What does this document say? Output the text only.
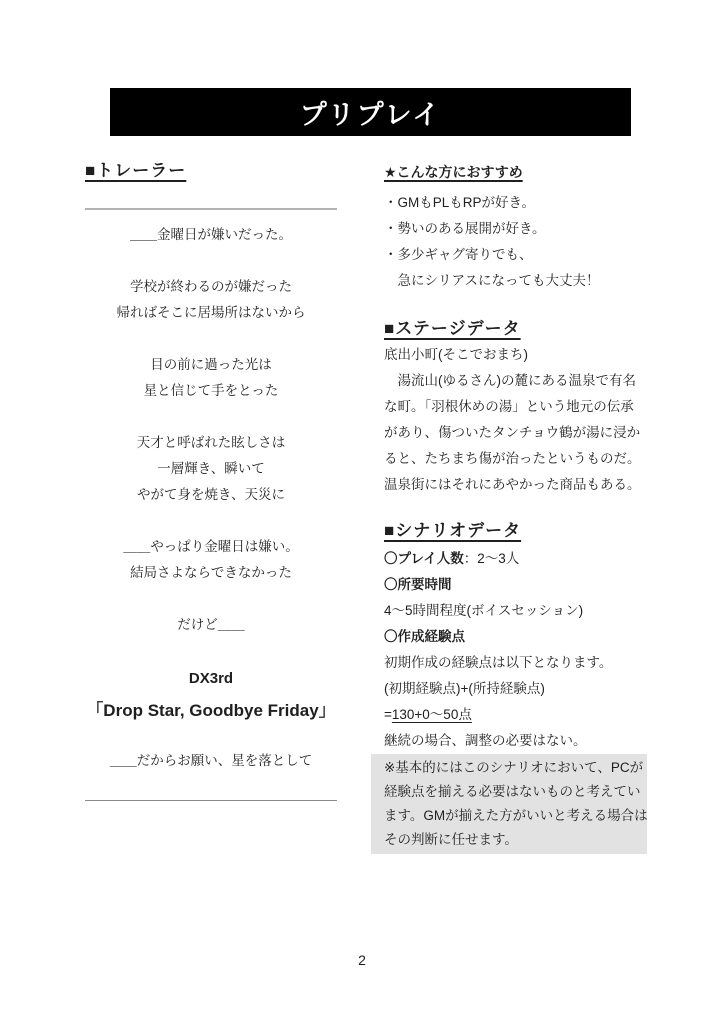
プリプレイ
■トレーラー
＿＿金曜日が嫌いだった。
学校が終わるのが嫌だった
帰ればそこに居場所はないから
目の前に過った光は
星と信じて手をとった
天才と呼ばれた眩しさは
一層輝き、瞬いて
やがて身を焼き、天災に
＿＿やっぱり金曜日は嫌い。
結局さよならできなかった
だけど＿＿
DX3rd
「Drop Star, Goodbye Friday」
＿＿だからお願い、星を落として
★こんな方におすすめ
・GMもPLもRPが好き。
・勢いのある展開が好き。
・多少ギャグ寄りでも、
　急にシリアスになっても大丈夫！
■ステージデータ
底出小町(そこでおまち)
　湯流山(ゆるさん)の麓にある温泉で有名
な町。「羽根休めの湯」という地元の伝承
があり、傷ついたタンチョウ鶴が湯に浸か
ると、たちまち傷が治ったというものだ。
温泉街にはそれにあやかった商品もある。
■シナリオデータ
〇プレイ人数：2～3人
〇所要時間
4～5時間程度(ボイスセッション)
〇作成経験点
初期作成の経験点は以下となります。
(初期経験点)+(所持経験点)
=130+0～50点
継続の場合、調整の必要はない。
※基本的にはこのシナリオにおいて、PCが
経験点を揃える必要はないものと考えてい
ます。GMが揃えた方がいいと考える場合は
その判断に任せます。
2
